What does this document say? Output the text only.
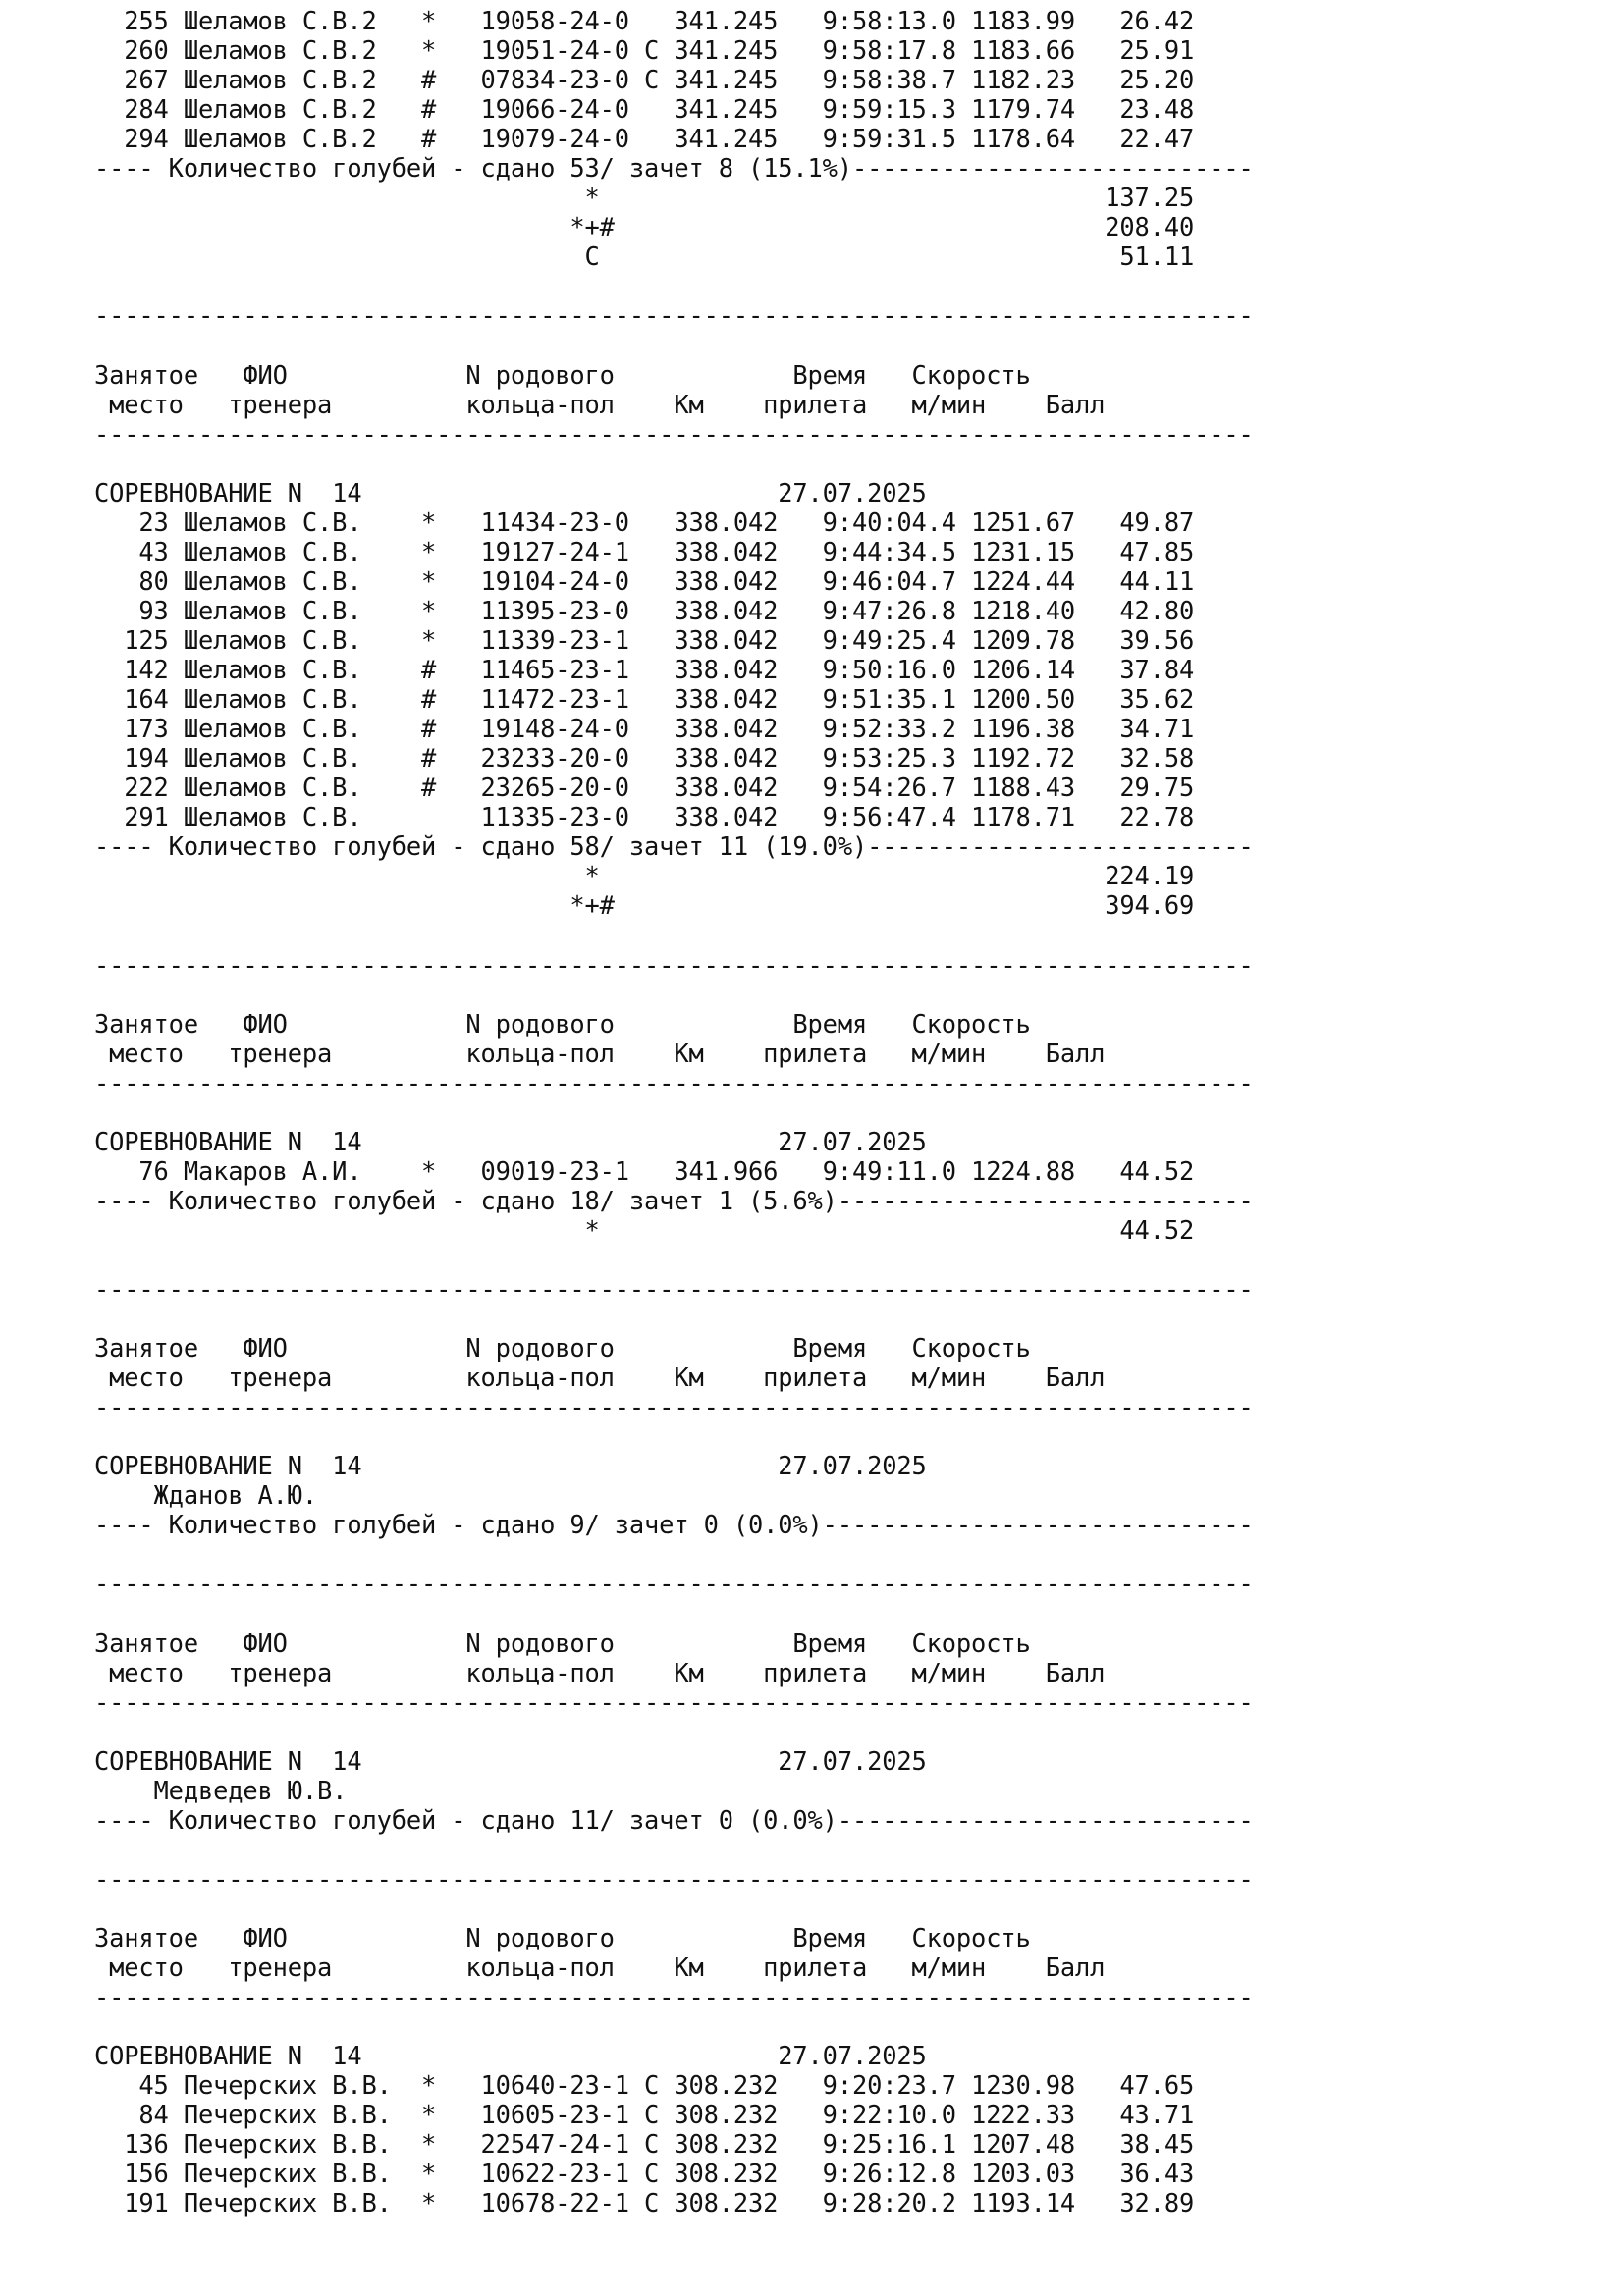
255 Шеламов С.В.2   *   19058-24-0   341.245   9:58:13.0 1183.99   26.42
260 Шеламов С.В.2   *   19051-24-0 С 341.245   9:58:17.8 1183.66   25.91
267 Шеламов С.В.2   #   07834-23-0 С 341.245   9:58:38.7 1182.23   25.20
284 Шеламов С.В.2   #   19066-24-0   341.245   9:59:15.3 1179.74   23.48
294 Шеламов С.В.2   #   19079-24-0   341.245   9:59:31.5 1178.64   22.47
---- Количество голубей - сдано 53/ зачет 8 (15.1%)---------------------------
*                                  137.25
*+#                                 208.40
С                                   51.11
------------------------------------------------------------------------------
Занятое   ФИО            N родового            Время   Скорость
место   тренера         кольца-пол    Км    прилета   м/мин    Балл
------------------------------------------------------------------------------
СОРЕВНОВАНИЕ N  14                            27.07.2025
23 Шеламов С.В.    *   11434-23-0   338.042   9:40:04.4 1251.67   49.87
43 Шеламов С.В.    *   19127-24-1   338.042   9:44:34.5 1231.15   47.85
80 Шеламов С.В.    *   19104-24-0   338.042   9:46:04.7 1224.44   44.11
93 Шеламов С.В.    *   11395-23-0   338.042   9:47:26.8 1218.40   42.80
125 Шеламов С.В.    *   11339-23-1   338.042   9:49:25.4 1209.78   39.56
142 Шеламов С.В.    #   11465-23-1   338.042   9:50:16.0 1206.14   37.84
164 Шеламов С.В.    #   11472-23-1   338.042   9:51:35.1 1200.50   35.62
173 Шеламов С.В.    #   19148-24-0   338.042   9:52:33.2 1196.38   34.71
194 Шеламов С.В.    #   23233-20-0   338.042   9:53:25.3 1192.72   32.58
222 Шеламов С.В.    #   23265-20-0   338.042   9:54:26.7 1188.43   29.75
291 Шеламов С.В.        11335-23-0   338.042   9:56:47.4 1178.71   22.78
---- Количество голубей - сдано 58/ зачет 11 (19.0%)--------------------------
*                                  224.19
*+#                                 394.69
------------------------------------------------------------------------------
Занятое   ФИО            N родового            Время   Скорость
место   тренера         кольца-пол    Км    прилета   м/мин    Балл
------------------------------------------------------------------------------
СОРЕВНОВАНИЕ N  14                            27.07.2025
76 Макаров А.И.    *   09019-23-1   341.966   9:49:11.0 1224.88   44.52
---- Количество голубей - сдано 18/ зачет 1 (5.6%)----------------------------
*                                   44.52
------------------------------------------------------------------------------
Занятое   ФИО            N родового            Время   Скорость
место   тренера         кольца-пол    Км    прилета   м/мин    Балл
------------------------------------------------------------------------------
СОРЕВНОВАНИЕ N  14                            27.07.2025
Жданов А.Ю.
---- Количество голубей - сдано 9/ зачет 0 (0.0%)-----------------------------
------------------------------------------------------------------------------
Занятое   ФИО            N родового            Время   Скорость
место   тренера         кольца-пол    Км    прилета   м/мин    Балл
------------------------------------------------------------------------------
СОРЕВНОВАНИЕ N  14                            27.07.2025
Медведев Ю.В.
---- Количество голубей - сдано 11/ зачет 0 (0.0%)----------------------------
------------------------------------------------------------------------------
Занятое   ФИО            N родового            Время   Скорость
место   тренера         кольца-пол    Км    прилета   м/мин    Балл
------------------------------------------------------------------------------
СОРЕВНОВАНИЕ N  14                            27.07.2025
45 Печерских В.В.  *   10640-23-1 С 308.232   9:20:23.7 1230.98   47.65
84 Печерских В.В.  *   10605-23-1 С 308.232   9:22:10.0 1222.33   43.71
136 Печерских В.В.  *   22547-24-1 С 308.232   9:25:16.1 1207.48   38.45
156 Печерских В.В.  *   10622-23-1 С 308.232   9:26:12.8 1203.03   36.43
191 Печерских В.В.  *   10678-22-1 С 308.232   9:28:20.2 1193.14   32.89
